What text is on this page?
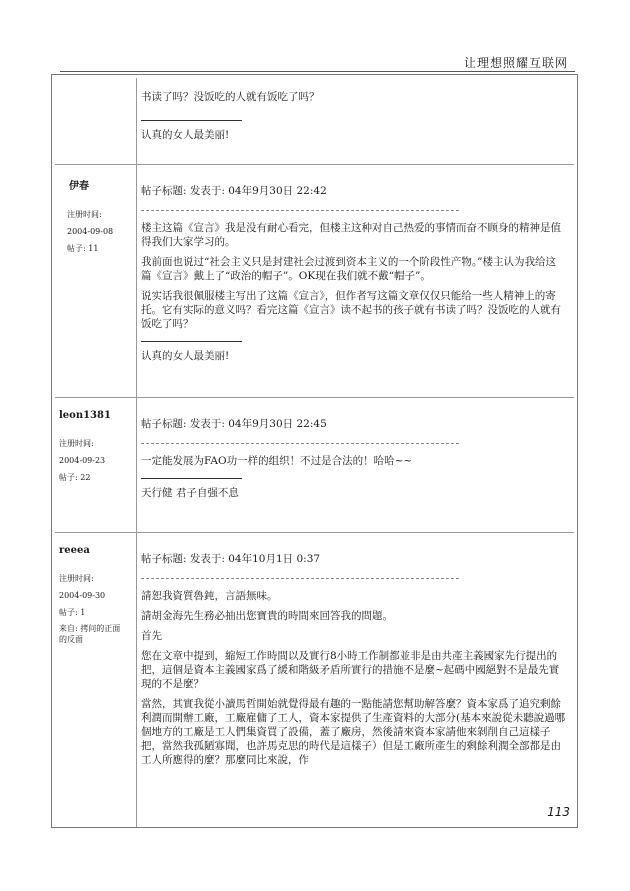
让理想照耀互联网
书读了吗？没饭吃的人就有饭吃了吗？
认真的女人最美丽!
伊春
注册时间:
2004-09-08
帖子: 11
帖子标题: 发表于: 04年9月30日 22:42
楼主这篇《宣言》我是没有耐心看完，但楼主这种对自己热爱的事情而奋不顾身的精神是值得我们大家学习的。
我前面也说过“社会主义只是封建社会过渡到资本主义的一个阶段性产物。”楼主认为我给这篇《宣言》戴上了“政治的帽子”。OK现在我们就不戴“帽子”。
说实话我很佩服楼主写出了这篇《宣言》，但作者写这篇文章仅仅只能给一些人精神上的寄托。它有实际的意义吗？看完这篇《宣言》读不起书的孩子就有书读了吗？没饭吃的人就有饭吃了吗？
认真的女人最美丽!
leon1381
注册时间:
2004-09-23
帖子: 22
帖子标题: 发表于: 04年9月30日 22:45
一定能发展为FAO功一样的组织！不过是合法的！哈哈~~
天行健 君子自强不息
reeea
注册时间:
2004-09-30
帖子: 1
来自: 拷问的正面的反面
帖子标题: 发表于: 04年10月1日 0:37
請恕我資質魯鈍，言語無味。
請胡金海先生務必抽出您寶貴的時間來回答我的問題。
首先
您在文章中提到，縮短工作時間以及實行8小時工作制都並非是由共產主義國家先行提出的把，這個是資本主義國家爲了緩和階級矛盾所實行的措施不是麼~起碼中國絕對不是最先實現的不是麼？
當然，其實我從小讀馬哲開始就覺得最有趣的一點能請您幫助解答麼？資本家爲了追究剩餘利潤而開辦工廠，工廠雇傭了工人，資本家提供了生產資料的大部分(基本來說從未聽說過哪個地方的工廠是工人們集資買了設備，蓋了廠房，然後請來資本家請他來剝削自己這樣子把，當然我孤陋寡聞，也許馬克思的時代是這樣子）但是工廠所產生的剩餘利潤全部都是由工人所應得的麼？那麼同比來說，作
113
